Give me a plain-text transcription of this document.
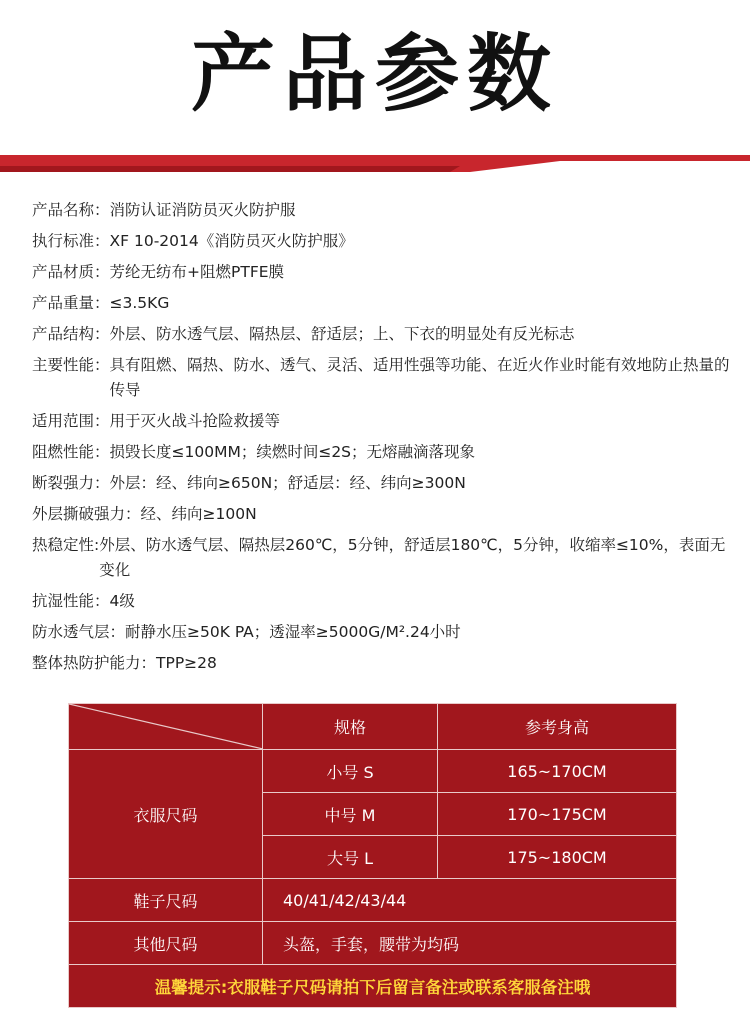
产品参数
产品名称： 消防认证消防员灭火防护服
执行标准： XF 10-2014《消防员灭火防护服》
产品材质： 芳纶无纺布+阻燃PTFE膜
产品重量： ≤3.5KG
产品结构： 外层、防水透气层、隔热层、舒适层；上、下衣的明显处有反光标志
主要性能： 具有阻燃、隔热、防水、透气、灵活、适用性强等功能、在近火作业时能有效地防止热量的传导
适用范围： 用于灭火战斗抢险救援等
阻燃性能： 损毁长度≤100MM；续燃时间≤2S；无熔融滴落现象
断裂强力： 外层：经、纬向≥650N；舒适层：经、纬向≥300N
外层撕破强力： 经、纬向≥100N
热稳定性: 外层、防水透气层、隔热层260℃，5分钟，舒适层180℃，5分钟，收缩率≤10%，表面无变化
抗湿性能： 4级
防水透气层： 耐静水压≥50K PA；透湿率≥5000G/M².24小时
整体热防护能力： TPP≥28
	规格	参考身高
衣服尺码	小号 S	165~170CM
	中号 M	170~175CM
	大号 L	175~180CM
鞋子尺码	40/41/42/43/44	
其他尺码	头盔，手套，腰带为均码	
温馨提示:衣服鞋子尺码请拍下后留言备注或联系客服备注哦		
